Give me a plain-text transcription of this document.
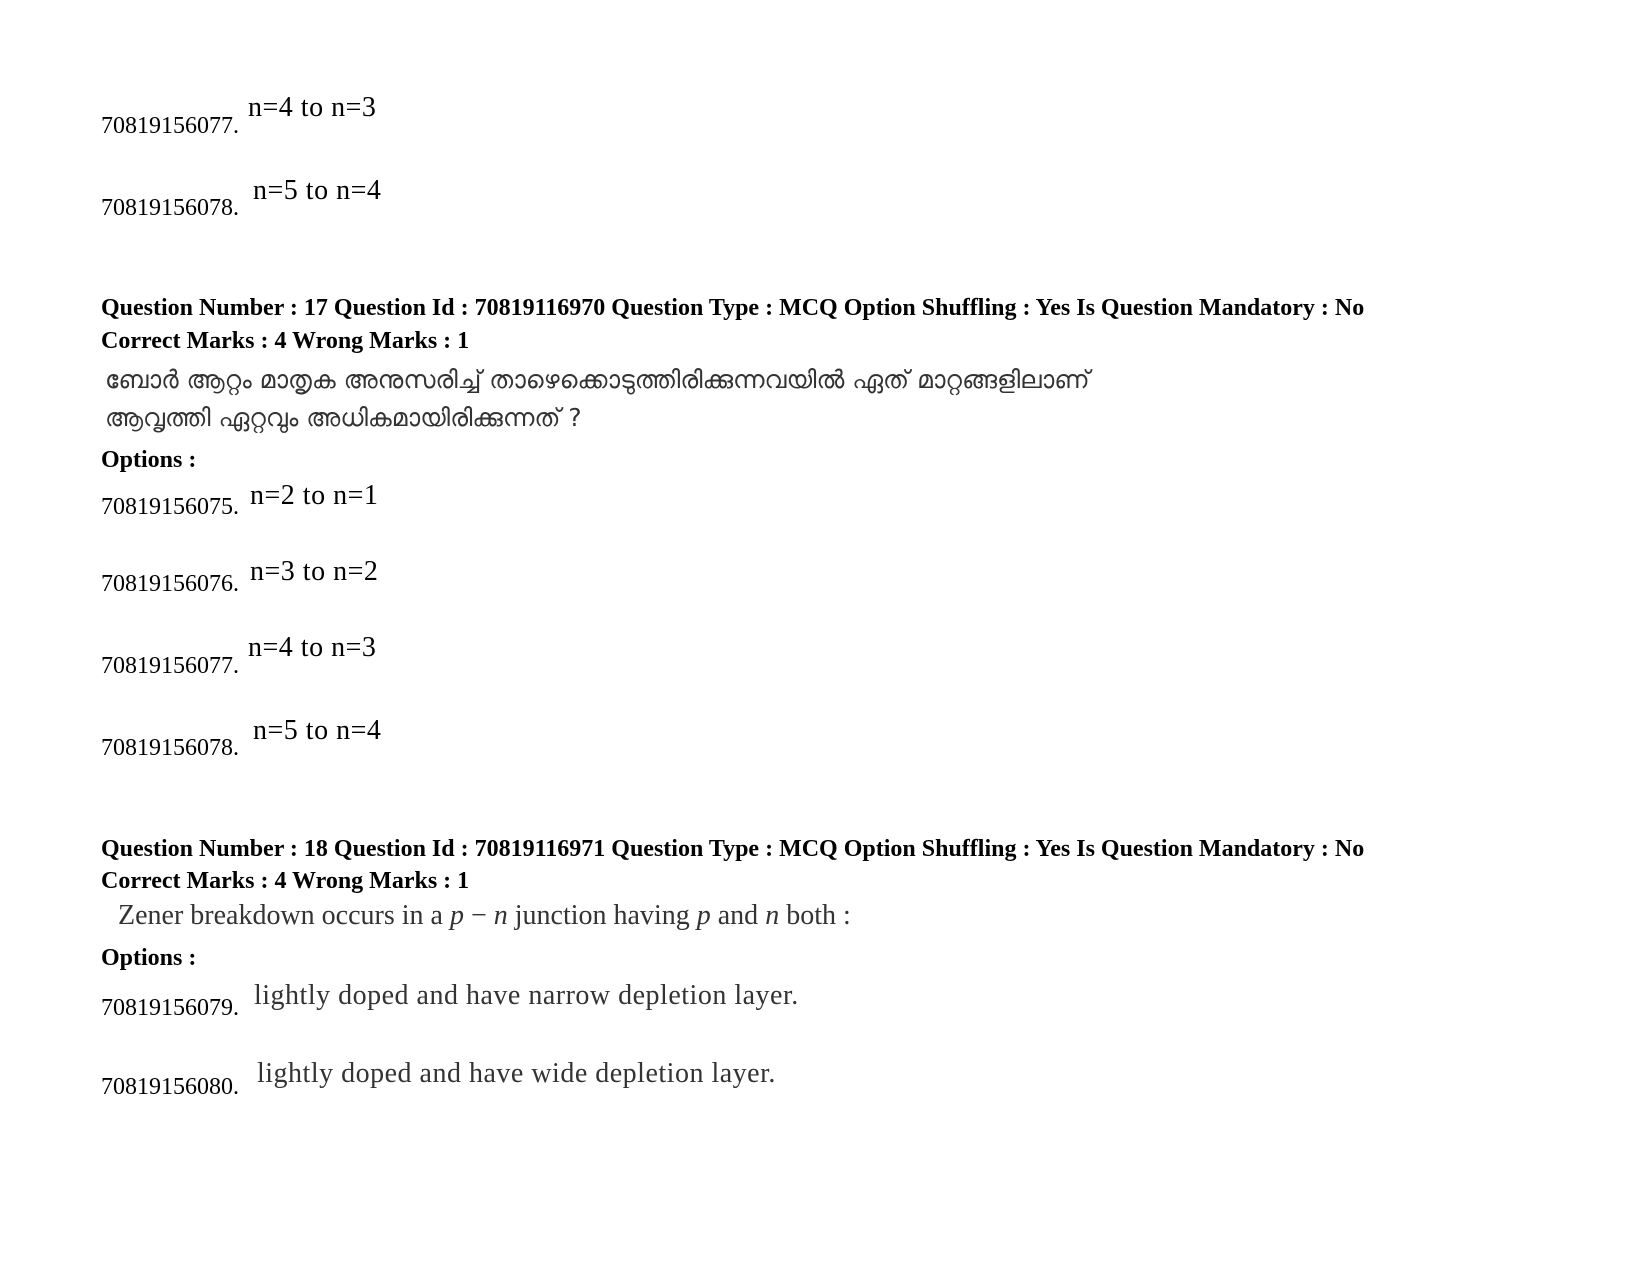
70819156077.
n=4 to n=3
70819156078.
n=5 to n=4
Question Number : 17 Question Id : 70819116970 Question Type : MCQ Option Shuffling : Yes Is Question Mandatory : No
Correct Marks : 4 Wrong Marks : 1
ബോർ ആറ്റം മാതൃക അനുസരിച്ച് താഴെക്കൊടുത്തിരിക്കുന്നവയിൽ ഏത് മാറ്റങ്ങളിലാണ്
ആവൃത്തി ഏറ്റവും അധികമായിരിക്കുന്നത് ?
Options :
70819156075. n=2 to n=1
70819156076. n=3 to n=2
70819156077.
n=4 to n=3
70819156078.
n=5 to n=4
Question Number : 18 Question Id : 70819116971 Question Type : MCQ Option Shuffling : Yes Is Question Mandatory : No
Correct Marks : 4 Wrong Marks : 1
Zener breakdown occurs in a p − n junction having p and n both :
Options :
70819156079. lightly doped and have narrow depletion layer.
70819156080. lightly doped and have wide depletion layer.
